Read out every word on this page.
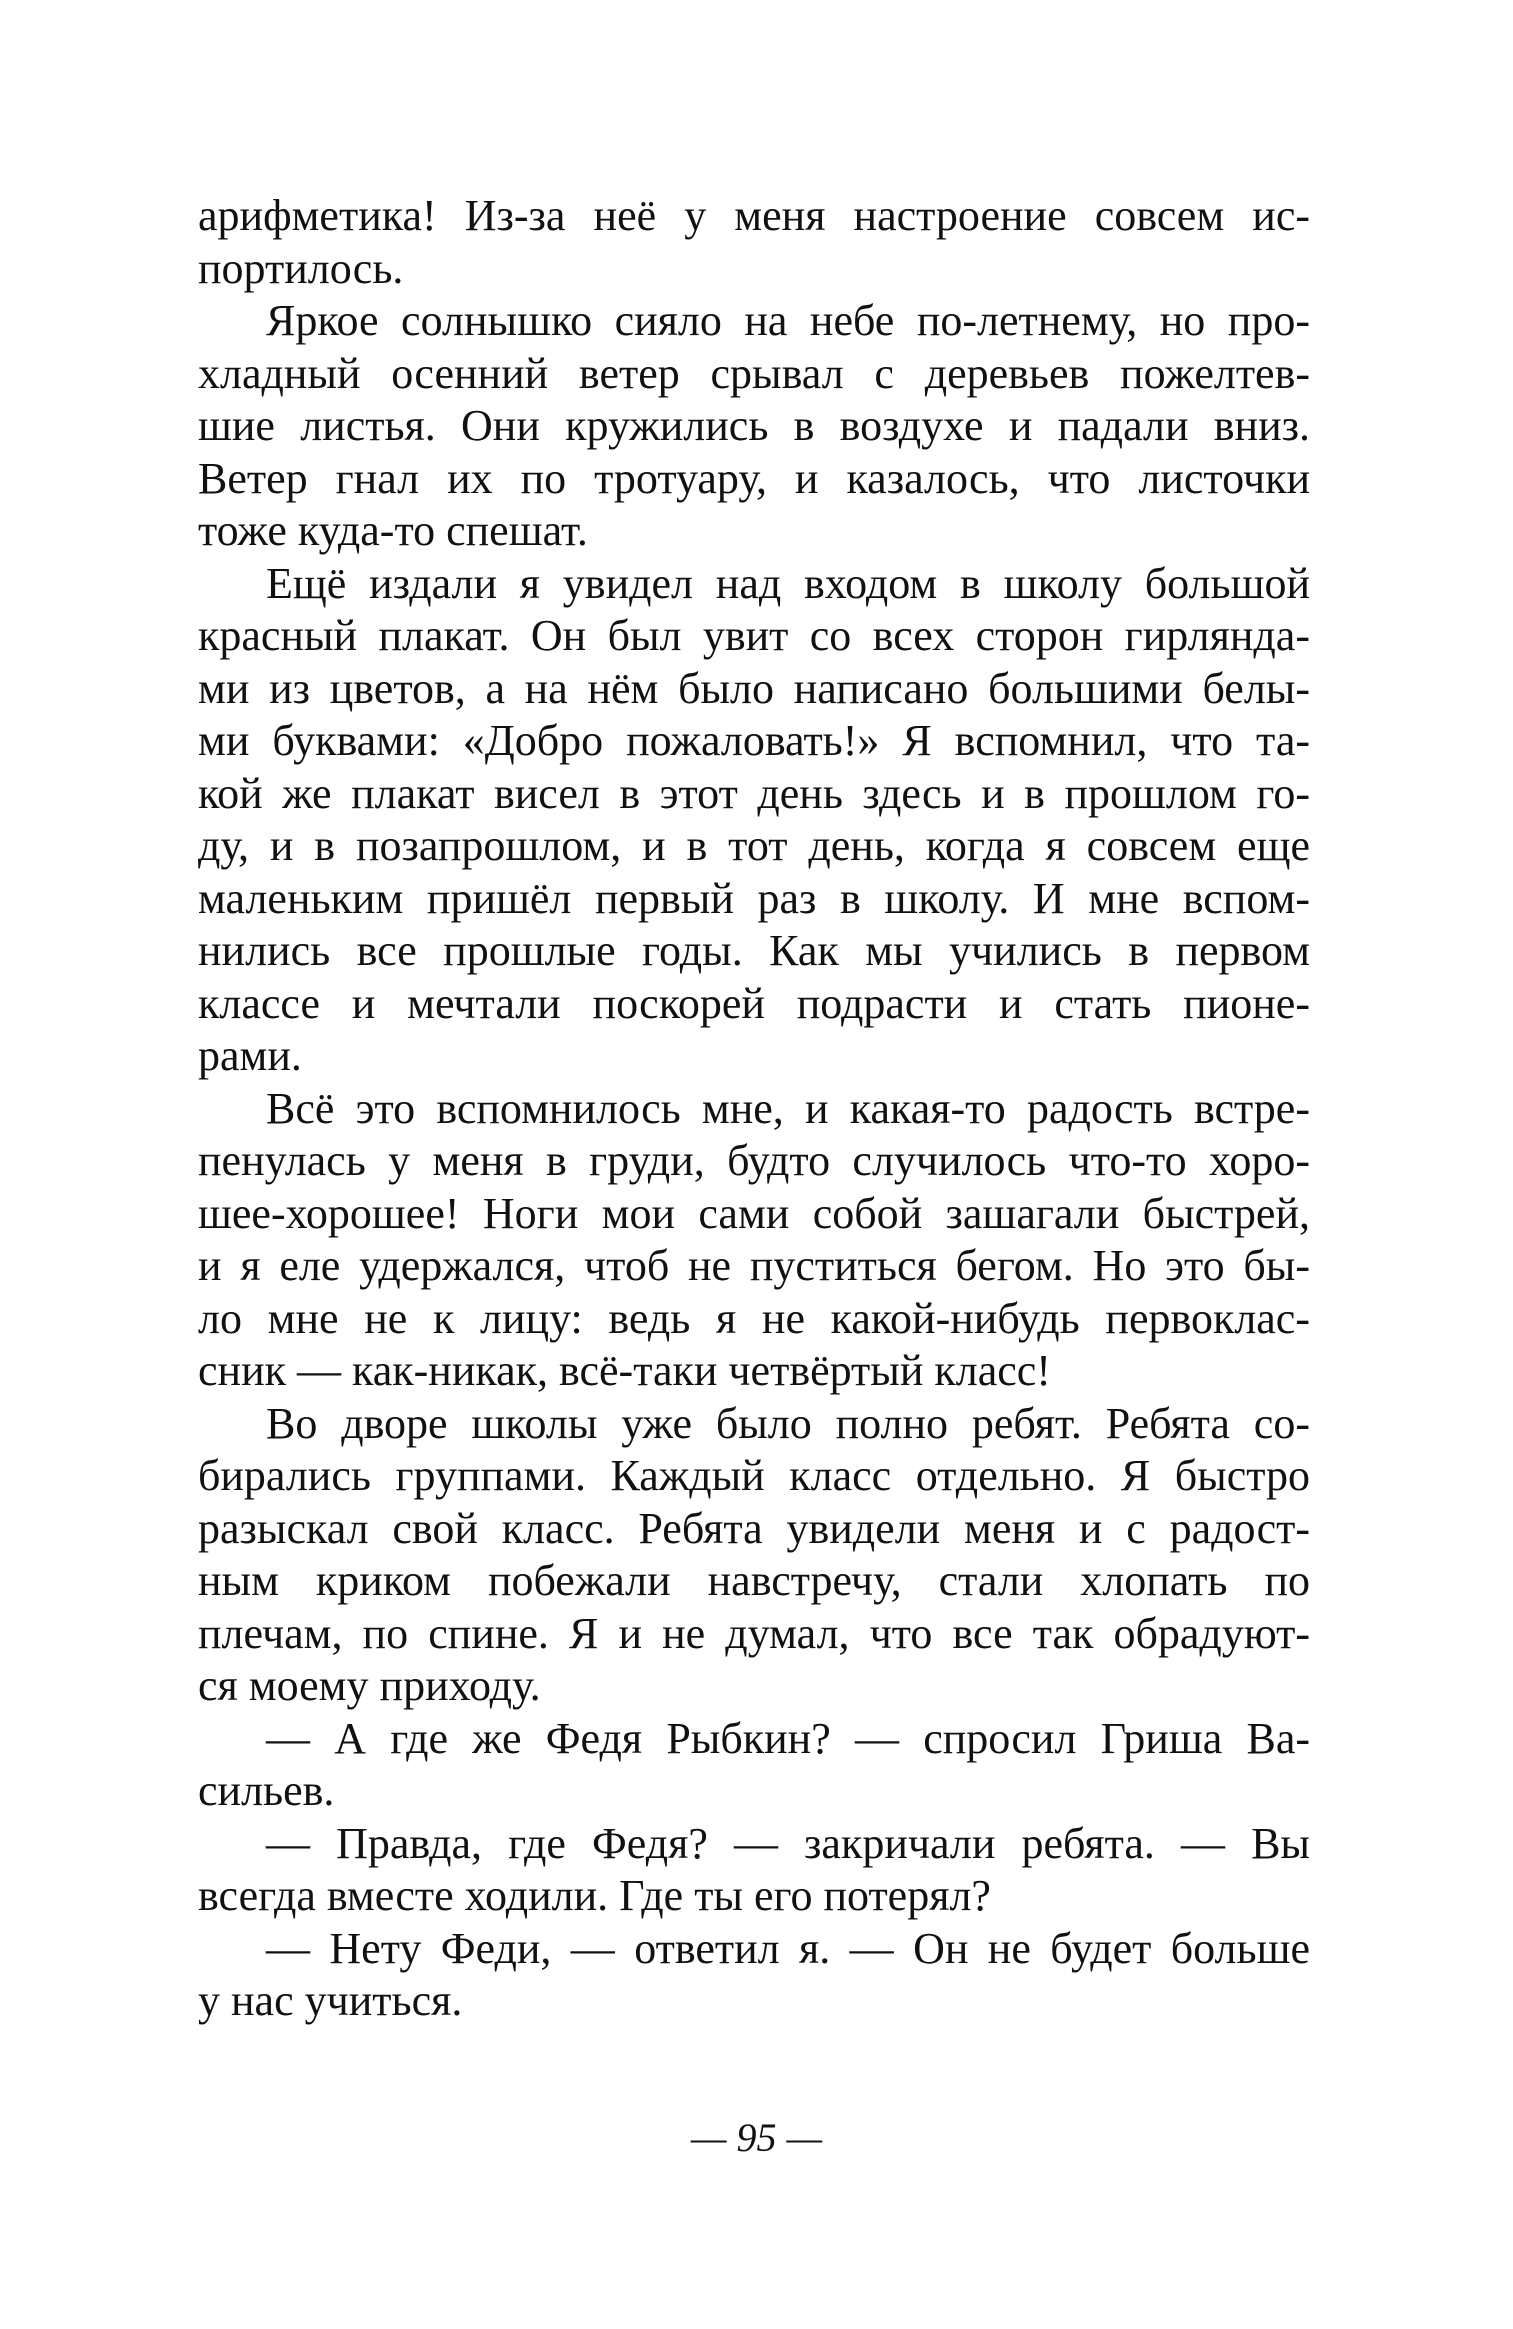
арифметика! Из-за неё у меня настроение совсем ис-
портилось.
Яркое солнышко сияло на небе по-летнему, но про-
хладный осенний ветер срывал с деревьев пожелтев-
шие листья. Они кружились в воздухе и падали вниз.
Ветер гнал их по тротуару, и казалось, что листочки
тоже куда-то спешат.
Ещё издали я увидел над входом в школу большой
красный плакат. Он был увит со всех сторон гирлянда-
ми из цветов, а на нём было написано большими белы-
ми буквами: «Добро пожаловать!» Я вспомнил, что та-
кой же плакат висел в этот день здесь и в прошлом го-
ду, и в позапрошлом, и в тот день, когда я совсем еще
маленьким пришёл первый раз в школу. И мне вспом-
нились все прошлые годы. Как мы учились в первом
классе и мечтали поскорей подрасти и стать пионе-
рами.
Всё это вспомнилось мне, и какая-то радость встре-
пенулась у меня в груди, будто случилось что-то хоро-
шее-хорошее! Ноги мои сами собой зашагали быстрей,
и я еле удержался, чтоб не пуститься бегом. Но это бы-
ло мне не к лицу: ведь я не какой-нибудь первоклас-
сник — как-никак, всё-таки четвёртый класс!
Во дворе школы уже было полно ребят. Ребята со-
бирались группами. Каждый класс отдельно. Я быстро
разыскал свой класс. Ребята увидели меня и с радост-
ным криком побежали навстречу, стали хлопать по
плечам, по спине. Я и не думал, что все так обрадуют-
ся моему приходу.
— А где же Федя Рыбкин? — спросил Гриша Ва-
сильев.
— Правда, где Федя? — закричали ребята. — Вы
всегда вместе ходили. Где ты его потерял?
— Нету Феди, — ответил я. — Он не будет больше
у нас учиться.
— 95 —
